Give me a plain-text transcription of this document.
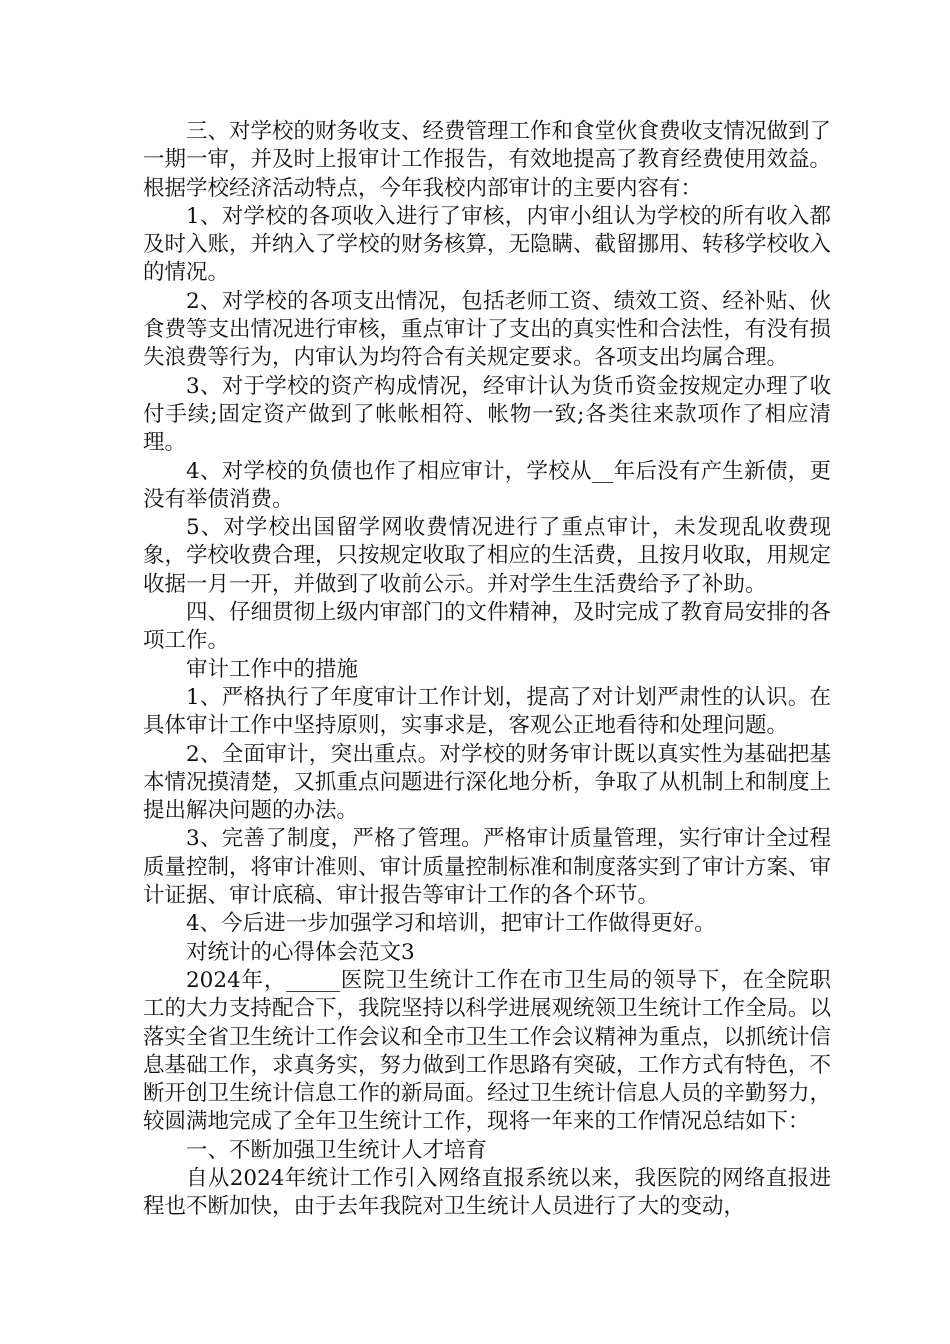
三、对学校的财务收支、经费管理工作和食堂伙食费收支情况做到了一期一审，并及时上报审计工作报告，有效地提高了教育经费使用效益。根据学校经济活动特点，今年我校内部审计的主要内容有：

1、对学校的各项收入进行了审核，内审小组认为学校的所有收入都及时入账，并纳入了学校的财务核算，无隐瞒、截留挪用、转移学校收入的情况。

2、对学校的各项支出情况，包括老师工资、绩效工资、经补贴、伙食费等支出情况进行审核，重点审计了支出的真实性和合法性，有没有损失浪费等行为，内审认为均符合有关规定要求。各项支出均属合理。

3、对于学校的资产构成情况，经审计认为货币资金按规定办理了收付手续;固定资产做到了帐帐相符、帐物一致;各类往来款项作了相应清理。

4、对学校的负债也作了相应审计，学校从__年后没有产生新债，更没有举债消费。

5、对学校出国留学网收费情况进行了重点审计，未发现乱收费现象，学校收费合理，只按规定收取了相应的生活费，且按月收取，用规定收据一月一开，并做到了收前公示。并对学生生活费给予了补助。

四、仔细贯彻上级内审部门的文件精神，及时完成了教育局安排的各项工作。

审计工作中的措施

1、严格执行了年度审计工作计划，提高了对计划严肃性的认识。在具体审计工作中坚持原则，实事求是，客观公正地看待和处理问题。

2、全面审计，突出重点。对学校的财务审计既以真实性为基础把基本情况摸清楚，又抓重点问题进行深化地分析，争取了从机制上和制度上提出解决问题的办法。

3、完善了制度，严格了管理。严格审计质量管理，实行审计全过程质量控制，将审计准则、审计质量控制标准和制度落实到了审计方案、审计证据、审计底稿、审计报告等审计工作的各个环节。

4、今后进一步加强学习和培训，把审计工作做得更好。

对统计的心得体会范文3

2024年，_____医院卫生统计工作在市卫生局的领导下，在全院职工的大力支持配合下，我院坚持以科学进展观统领卫生统计工作全局。以落实全省卫生统计工作会议和全市卫生工作会议精神为重点，以抓统计信息基础工作，求真务实，努力做到工作思路有突破，工作方式有特色，不断开创卫生统计信息工作的新局面。经过卫生统计信息人员的辛勤努力，较圆满地完成了全年卫生统计工作，现将一年来的工作情况总结如下：

一、不断加强卫生统计人才培育

自从2024年统计工作引入网络直报系统以来，我医院的网络直报进程也不断加快，由于去年我院对卫生统计人员进行了大的变动，
